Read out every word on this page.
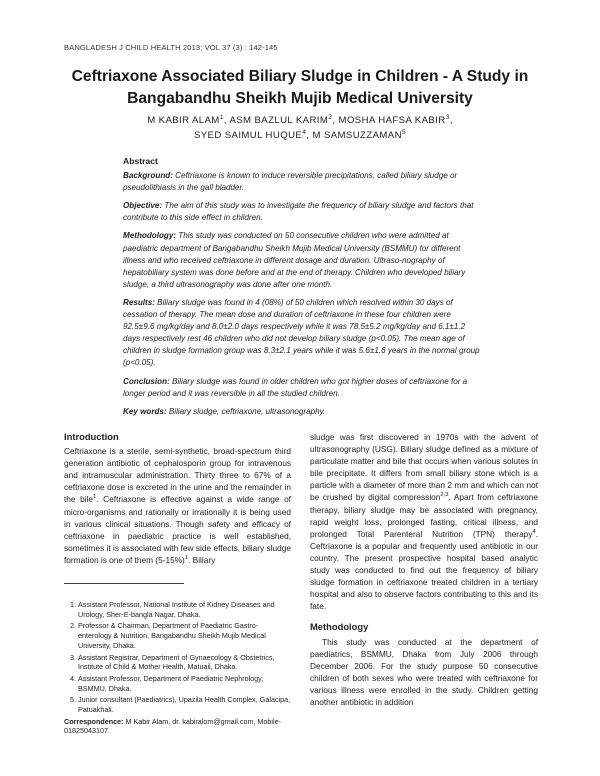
BANGLADESH J CHILD HEALTH 2013; VOL 37 (3) : 142-145
Ceftriaxone Associated Biliary Sludge in Children - A Study in
Bangabandhu Sheikh Mujib Medical University
M KABIR ALAM$^1$, ASM BAZLUL KARIM$^2$, MOSHA HAFSA KABIR$^3$,
SYED SAIMUL HUQUE$^4$, M SAMSUZZAMAN$^5$
Abstract

Background: Ceftriaxone is known to induce reversible precipitations, called biliary sludge or pseudolithiasis in the gall bladder.

Objective: The aim of this study was to investigate the frequency of biliary sludge and factors that contribute to this side effect in children.

Methodology: This study was conducted on 50 consecutive children who were admitted at paediatric department of Bangabandhu Sheikh Mujib Medical University (BSMMU) for different illness and who received ceftriaxone in different dosage and duration. Ultraso-nography of hepatobiliary system was done before and at the end of therapy. Children who developed biliary sludge, a third ultrasonography was done after one month.

Results: Biliary sludge was found in 4 (08%) of 50 children which resolved within 30 days of cessation of therapy. The mean dose and duration of ceftriaxone in these four children were 92.5±9.6 mg/kg/day and 8.0±2.0 days respectively while it was 78.5±5.2 mg/kg/day and 6.1±1.2 days respectively rest 46 children who did not develop biliary sludge (p<0.05). The mean age of children in sludge formation group was 8.3±2.1 years while it was 5.6±1.6 years in the normal group (p<0.05).

Conclusion: Biliary sludge was found in older children who got higher doses of ceftriaxone for a longer period and it was reversible in all the studied children.

Key words: Biliary sludge, ceftriaxone, ultrasonography.

Introduction

Ceftriaxone is a sterile, semi-synthetic, broad-spectrum third generation antibiotic of cephalosporin group for intravenous and intramuscular administration. Thirty three to 67% of a ceftriaxone dose is excreted in the urine and the remainder in the bile$^1$. Ceftriaxone is effective against a wide range of micro-organisms and rationally or irrationally it is being used in various clinical situations. Though safety and efficacy of ceftriaxone in paediatric practice is well established, sometimes it is associated with few side effects, biliary sludge formation is one of them $(5-15\%)^1$. Biliary

1. Assistant Professor, National Institute of Kidney Diseases and Urology, Sher-E-bangla Nagar, Dhaka.
2. Professor & Chairman, Department of Paediatric Gastro-enterology & Nutrition, Bangabandhu Sheikh Mujib Medical University, Dhaka.
3. Assistant Registrar, Department of Gynaecology & Obstetrics, Institute of Child & Mother Health, Matuail, Dhaka.
4. Assistant Professor, Department of Paediatric Nephrology, BSMMU, Dhaka.
5. Junior consultant (Paediatrics), Upazila Health Complex, Galacipa, Patuakhali.
Correspondence: M Kabir Alam, dr. kabiralom@gmail.com, Mobile-01825043107.

sludge was first discovered in 1970s with the advent of ultrasonography (USG). Biliary sludge defined as a mixture of particulate matter and bile that occurs when various solutes in bile precipitate. It differs from small biliary stone which is a particle with a diameter of more than 2 mm and which can not be crushed by digital compression$^{2,3}$. Apart from ceftriaxone therapy, biliary sludge may be associated with pregnancy, rapid weight loss, prolonged fasting, critical illness, and prolonged Total Parenteral Nutrition (TPN) therapy$^4$. Ceftriaxone is a popular and frequently used antibiotic in our country. The present prospective hospital based analytic study was conducted to find out the frequency of biliary sludge formation in ceftriaxone treated children in a tertiary hospital and also to observe factors contributing to this and its fate.

Methodology

This study was conducted at the department of paediatrics, BSMMU, Dhaka from July 2006 through December 2006. For the study purpose 50 consecutive children of both sexes who were treated with ceftriaxone for various illness were enrolled in the study. Children getting another antibiotic in addition
